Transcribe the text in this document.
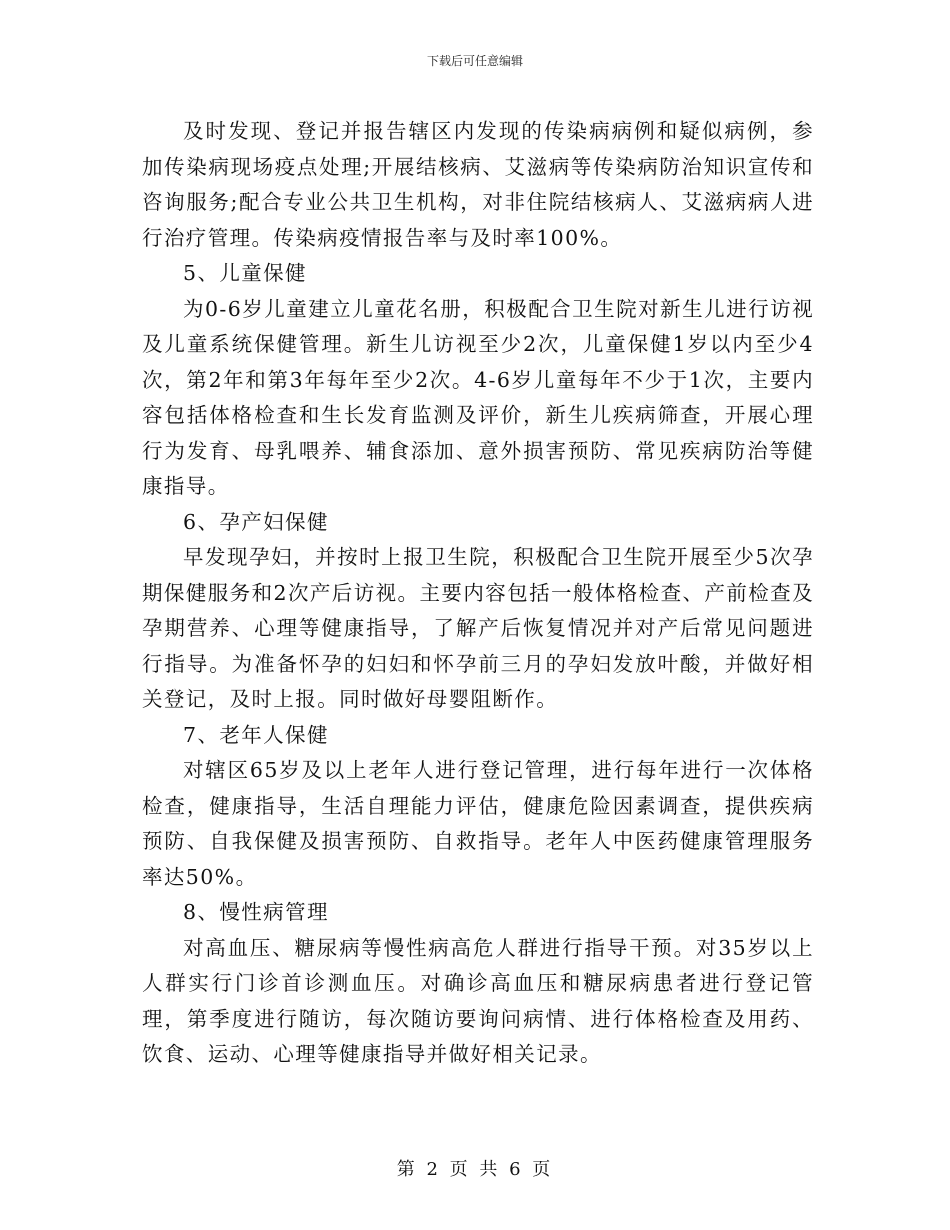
下载后可任意编辑

及时发现、登记并报告辖区内发现的传染病病例和疑似病例，参加传染病现场疫点处理;开展结核病、艾滋病等传染病防治知识宣传和咨询服务;配合专业公共卫生机构，对非住院结核病人、艾滋病病人进行治疗管理。传染病疫情报告率与及时率100%。

5、儿童保健

为0-6岁儿童建立儿童花名册，积极配合卫生院对新生儿进行访视及儿童系统保健管理。新生儿访视至少2次，儿童保健1岁以内至少4次，第2年和第3年每年至少2次。4-6岁儿童每年不少于1次，主要内容包括体格检查和生长发育监测及评价，新生儿疾病筛查，开展心理行为发育、母乳喂养、辅食添加、意外损害预防、常见疾病防治等健康指导。

6、孕产妇保健

早发现孕妇，并按时上报卫生院，积极配合卫生院开展至少5次孕期保健服务和2次产后访视。主要内容包括一般体格检查、产前检查及孕期营养、心理等健康指导，了解产后恢复情况并对产后常见问题进行指导。为准备怀孕的妇妇和怀孕前三月的孕妇发放叶酸，并做好相关登记，及时上报。同时做好母婴阻断作。

7、老年人保健

对辖区65岁及以上老年人进行登记管理，进行每年进行一次体格检查，健康指导，生活自理能力评估，健康危险因素调查，提供疾病预防、自我保健及损害预防、自救指导。老年人中医药健康管理服务率达50%。

8、慢性病管理

对高血压、糖尿病等慢性病高危人群进行指导干预。对35岁以上人群实行门诊首诊测血压。对确诊高血压和糖尿病患者进行登记管理，第季度进行随访，每次随访要询问病情、进行体格检查及用药、饮食、运动、心理等健康指导并做好相关记录。

第 2 页 共 6 页
